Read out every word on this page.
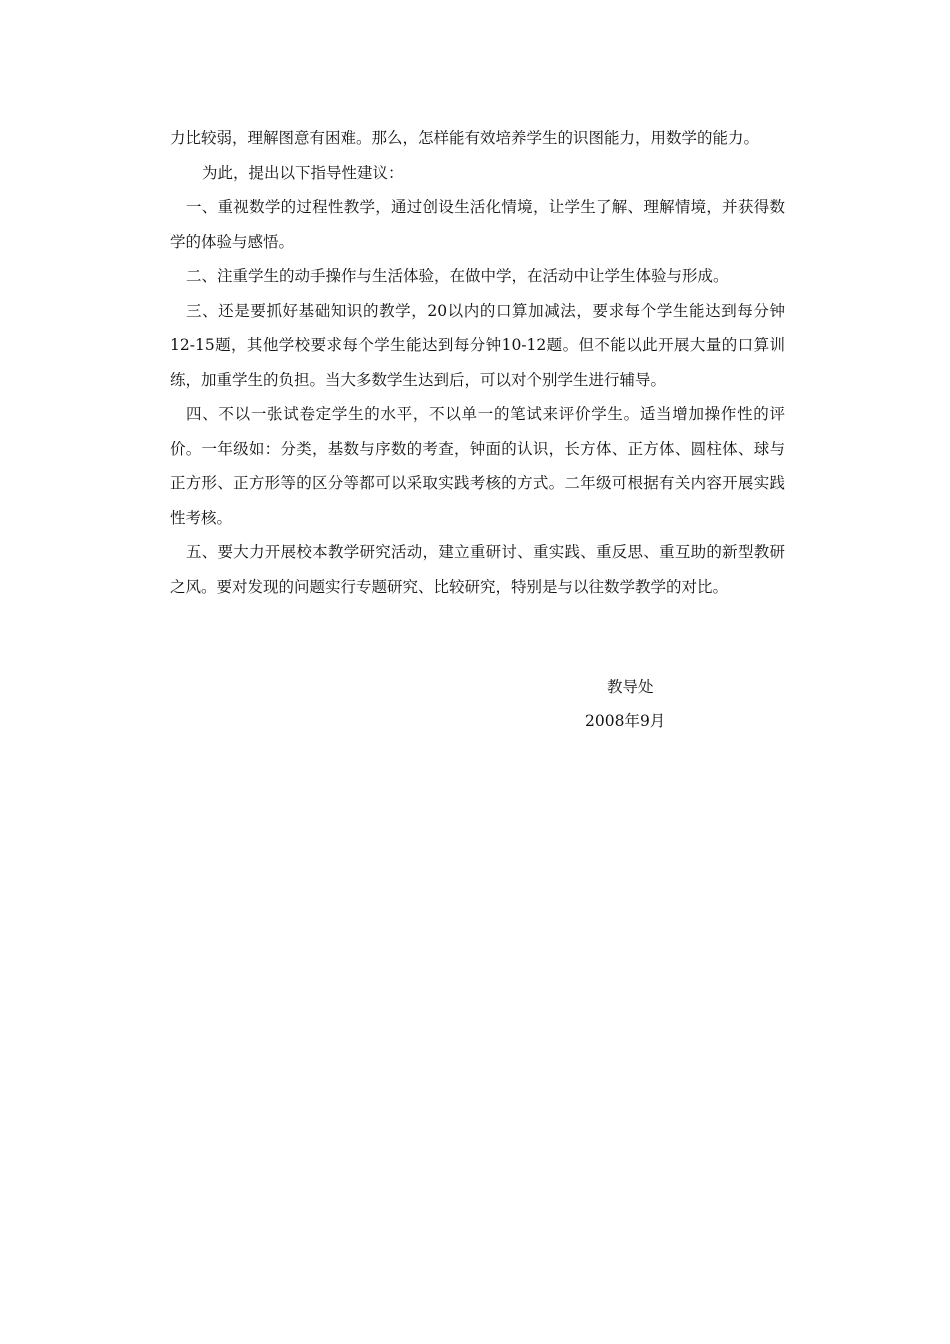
力比较弱，理解图意有困难。那么，怎样能有效培养学生的识图能力，用数学的能力。

为此，提出以下指导性建议：

一、重视数学的过程性教学，通过创设生活化情境，让学生了解、理解情境，并获得数学的体验与感悟。

二、注重学生的动手操作与生活体验，在做中学，在活动中让学生体验与形成。

三、还是要抓好基础知识的教学，20以内的口算加减法，要求每个学生能达到每分钟12-15题，其他学校要求每个学生能达到每分钟10-12题。但不能以此开展大量的口算训练，加重学生的负担。当大多数学生达到后，可以对个别学生进行辅导。

四、不以一张试卷定学生的水平，不以单一的笔试来评价学生。适当增加操作性的评价。一年级如：分类，基数与序数的考查，钟面的认识，长方体、正方体、圆柱体、球与正方形、正方形等的区分等都可以采取实践考核的方式。二年级可根据有关内容开展实践性考核。

五、要大力开展校本教学研究活动，建立重研讨、重实践、重反思、重互助的新型教研之风。要对发现的问题实行专题研究、比较研究，特别是与以往数学教学的对比。

教导处
2008年9月
